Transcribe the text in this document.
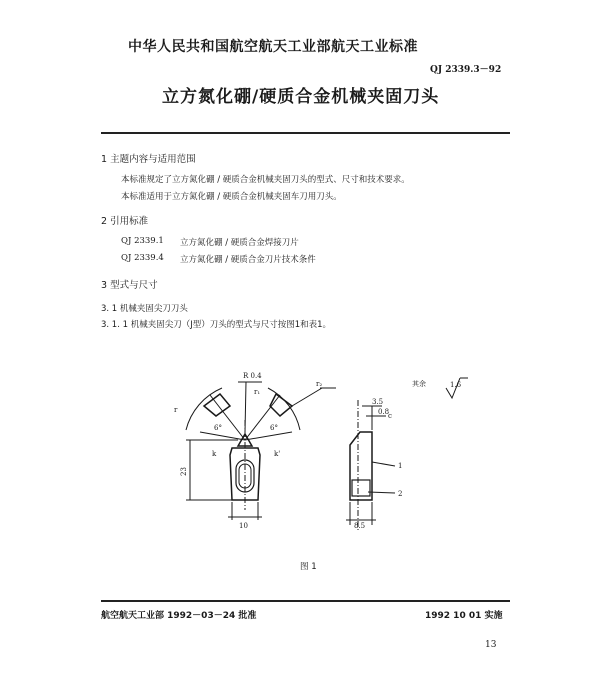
中华人民共和国航空航天工业部航天工业标准
QJ 2339.3－92
立方氮化硼/硬质合金机械夹固刀头
1 主题内容与适用范围
本标准规定了立方氮化硼 / 硬质合金机械夹固刀头的型式、尺寸和技术要求。
本标准适用于立方氮化硼 / 硬质合金机械夹固车刀用刀头。
2 引用标准
QJ 2339.1 立方氮化硼 / 硬质合金焊接刀片
QJ 2339.4 立方氮化硼 / 硬质合金刀片技术条件
3 型式与尺寸
3. 1 机械夹固尖刀刀头
3. 1. 1 机械夹固尖刀（J型）刀头的型式与尺寸按图1和表1。
R 0.4
其余	1.6
r₁
r₂
r
6°	6°
k	k'
3.5
0.8
c
23
10	8.5
1
2
图 1
航空航天工业部 1992－03－24 批准	1992 10 01 实施
13
